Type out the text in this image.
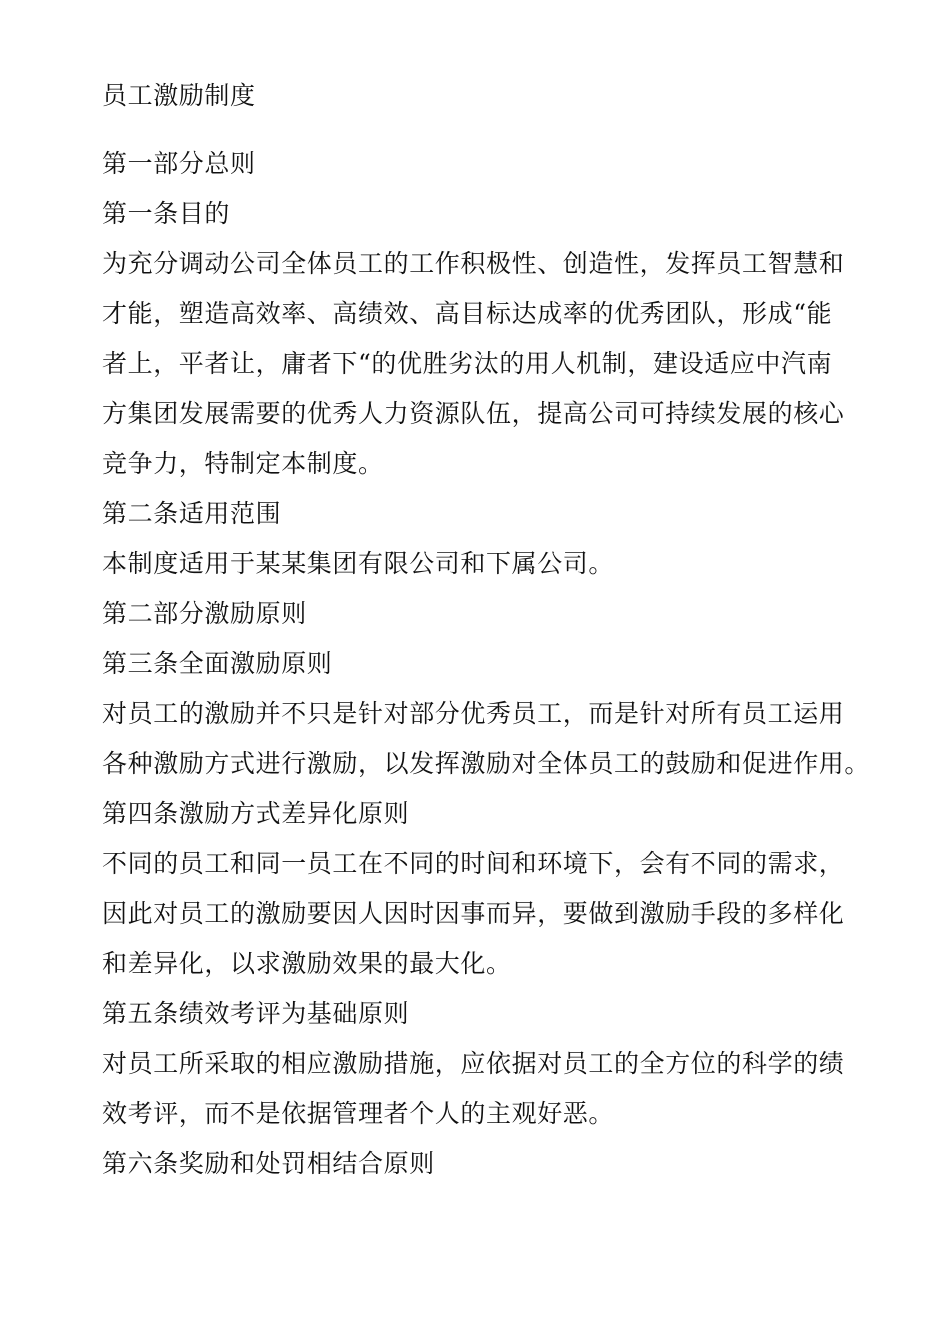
员工激励制度

第一部分总则

第一条目的

为充分调动公司全体员工的工作积极性、创造性，发挥员工智慧和

才能，塑造高效率、高绩效、高目标达成率的优秀团队，形成“能

者上，平者让，庸者下“的优胜劣汰的用人机制，建设适应中汽南

方集团发展需要的优秀人力资源队伍，提高公司可持续发展的核心

竞争力，特制定本制度。

第二条适用范围

本制度适用于某某集团有限公司和下属公司。

第二部分激励原则

第三条全面激励原则

对员工的激励并不只是针对部分优秀员工，而是针对所有员工运用

各种激励方式进行激励，以发挥激励对全体员工的鼓励和促进作用。

第四条激励方式差异化原则

不同的员工和同一员工在不同的时间和环境下，会有不同的需求，

因此对员工的激励要因人因时因事而异，要做到激励手段的多样化

和差异化，以求激励效果的最大化。

第五条绩效考评为基础原则

对员工所采取的相应激励措施，应依据对员工的全方位的科学的绩

效考评，而不是依据管理者个人的主观好恶。

第六条奖励和处罚相结合原则
